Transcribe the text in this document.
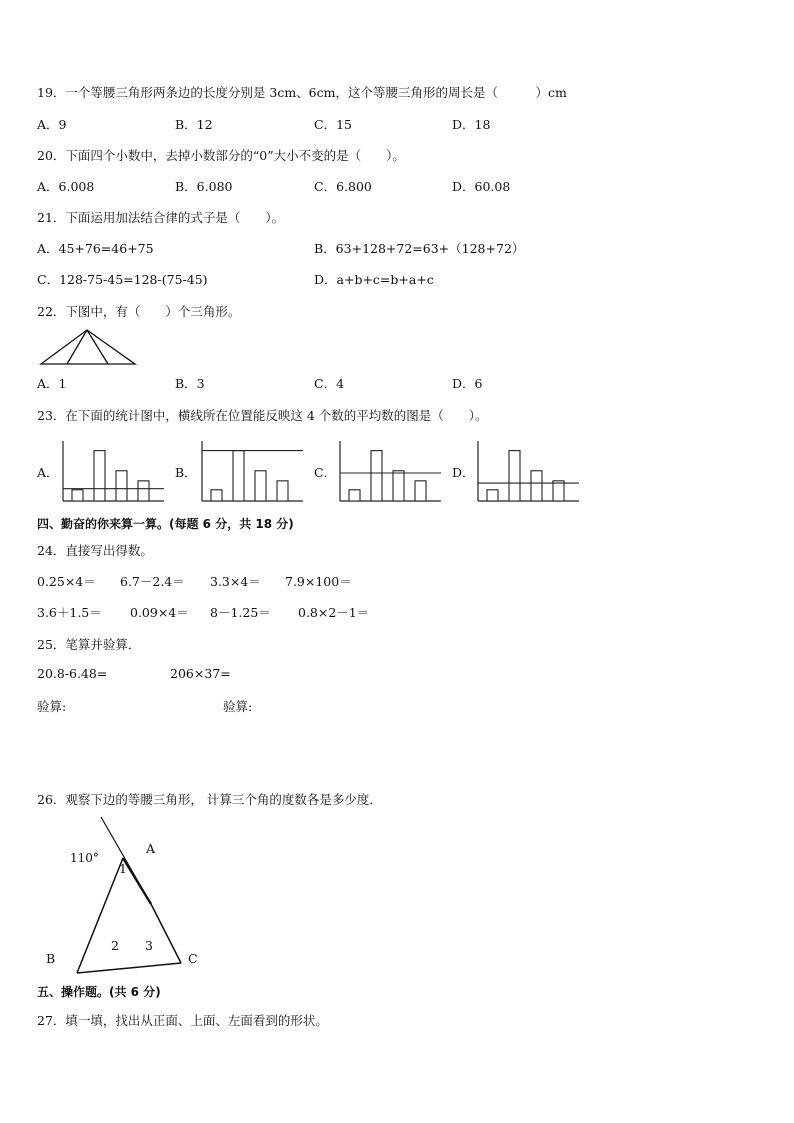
19．一个等腰三角形两条边的长度分别是 3cm、6cm，这个等腰三角形的周长是（　　　）cm
A．9	B．12	C．15	D．18
20．下面四个小数中，去掉小数部分的“0”大小不变的是（　　）。
A．6.008	B．6.080	C．6.800	D．60.08
21．下面运用加法结合律的式子是（　　）。
A．45+76=46+75	B．63+128+72=63+（128+72）
C．128-75-45=128-(75-45)	D．a+b+c=b+a+c
22．下图中，有（　　）个三角形。
A．1	B．3	C．4	D．6
23．在下面的统计图中，横线所在位置能反映这 4 个数的平均数的图是（　　）。
A．	B．	C．	D．
四、勤奋的你来算一算。(每题 6 分，共 18 分)
24．直接写出得数。
0.25×4＝ 6.7－2.4＝ 3.3×4＝ 7.9×100＝
3.6＋1.5＝ 0.09×4＝ 8－1.25＝ 0.8×2－1＝
25．笔算并验算．
20.8-6.48=	206×37=
验算:	验算:
26．观察下边的等腰三角形， 计算三个角的度数各是多少度．
110°
A
B	C
1
2 3
五、操作题。(共 6 分)
27．填一填，找出从正面、上面、左面看到的形状。
